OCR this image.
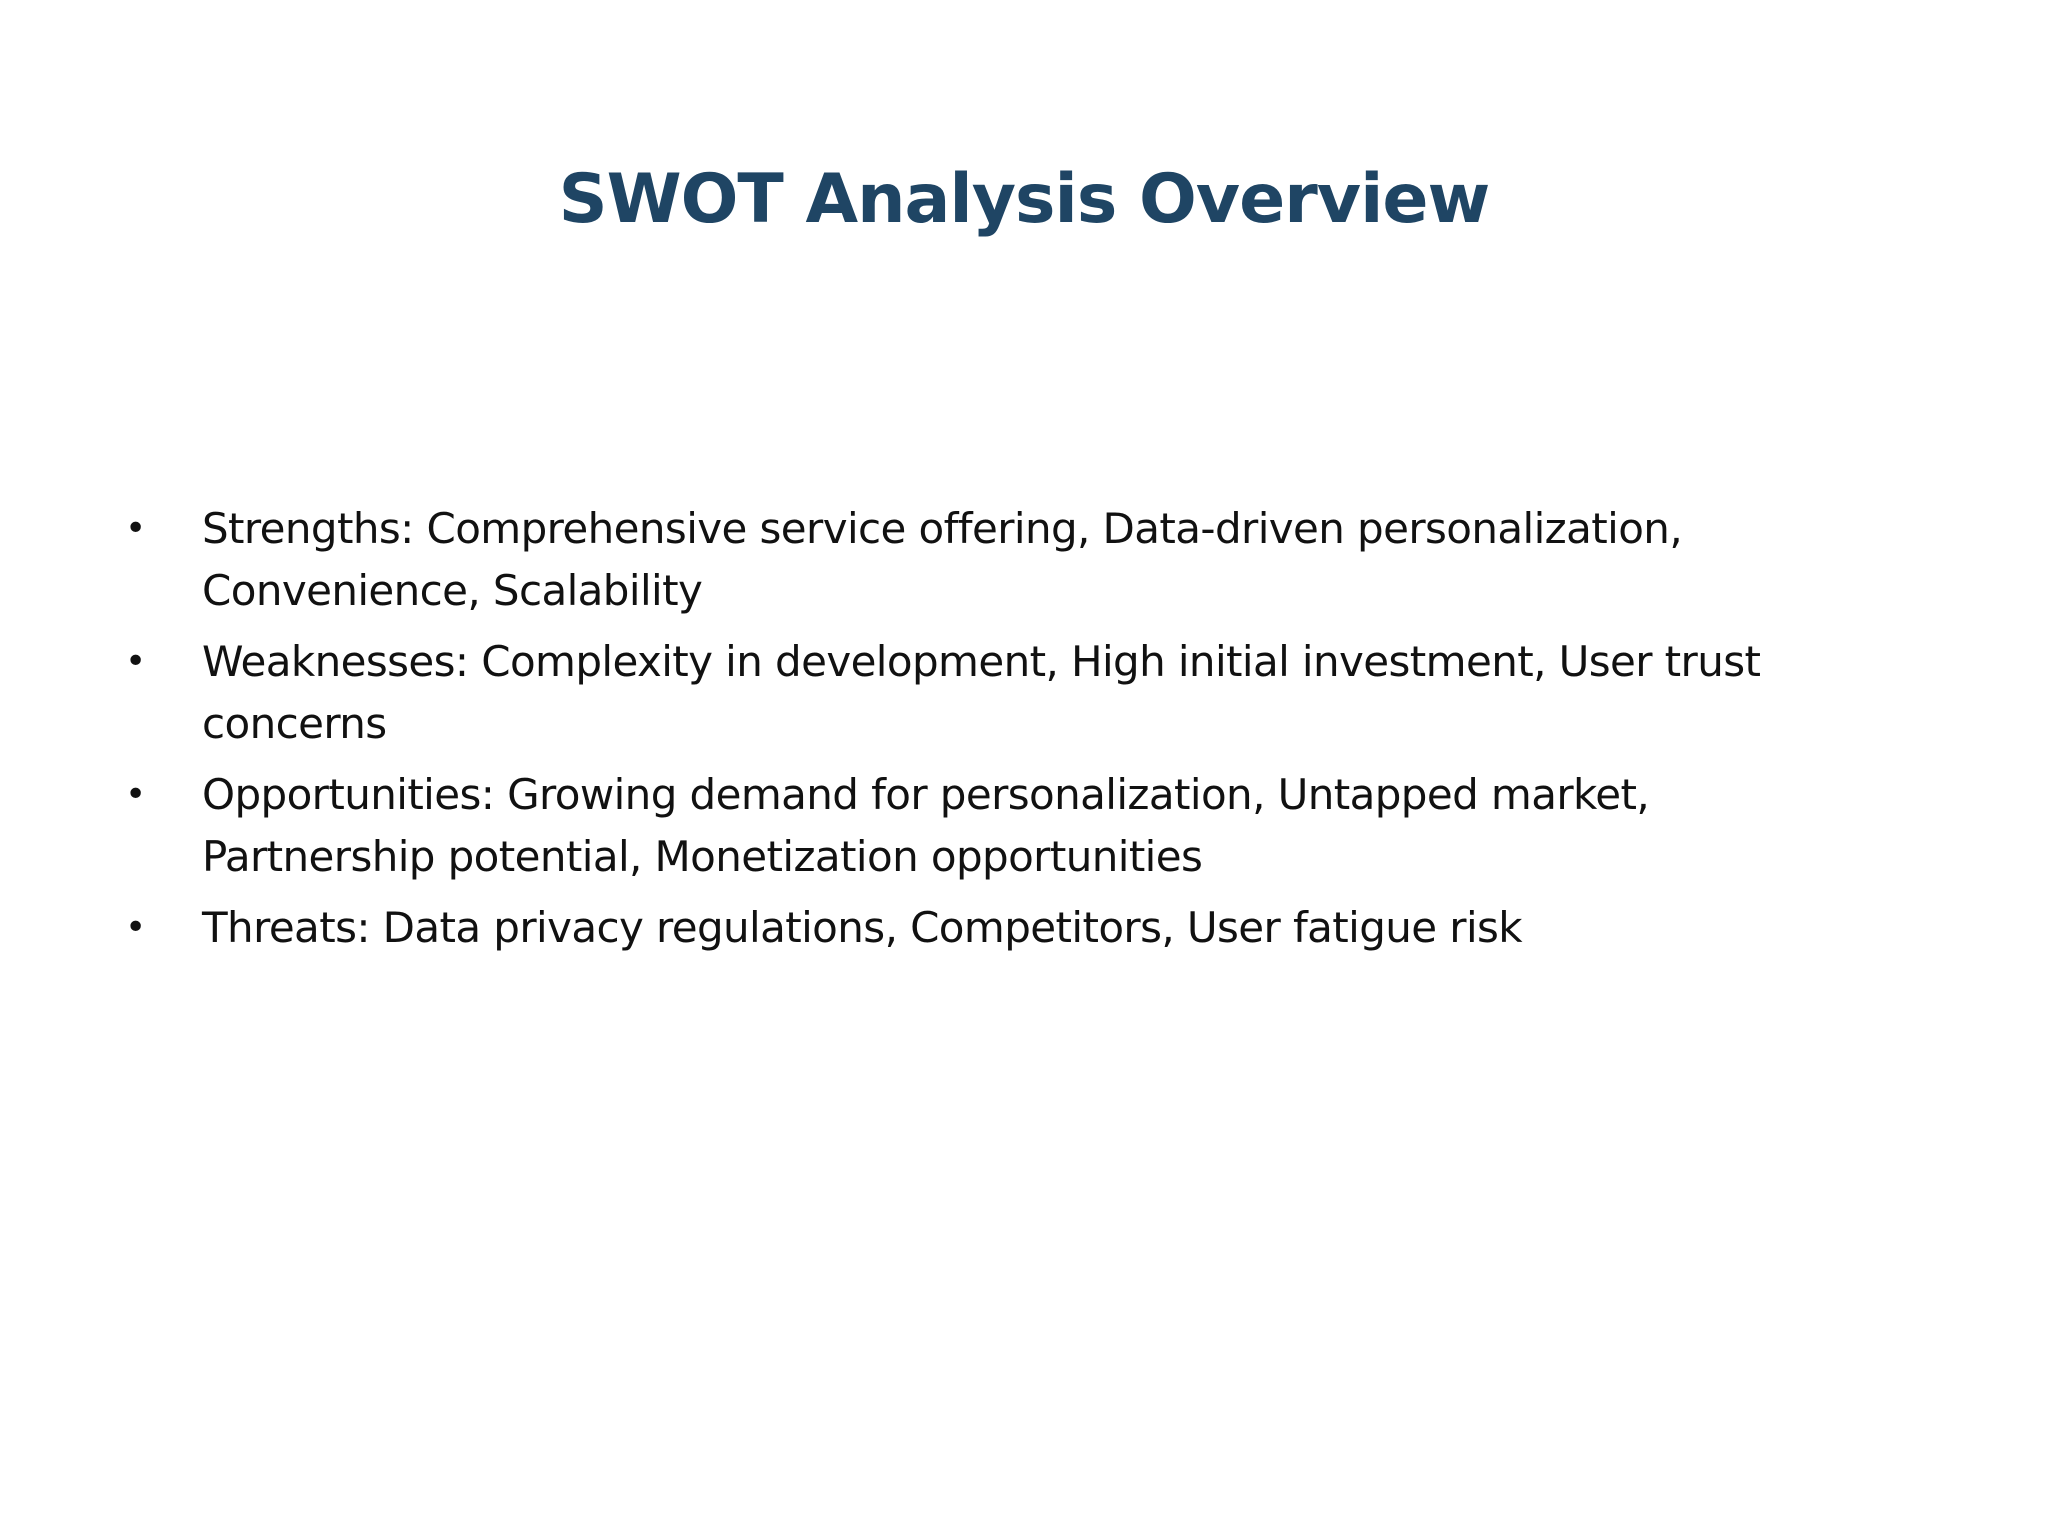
SWOT Analysis Overview
• Strengths: Comprehensive service offering, Data-driven personalization, Convenience, Scalability
• Weaknesses: Complexity in development, High initial investment, User trust concerns
• Opportunities: Growing demand for personalization, Untapped market, Partnership potential, Monetization opportunities
• Threats: Data privacy regulations, Competitors, User fatigue risk
